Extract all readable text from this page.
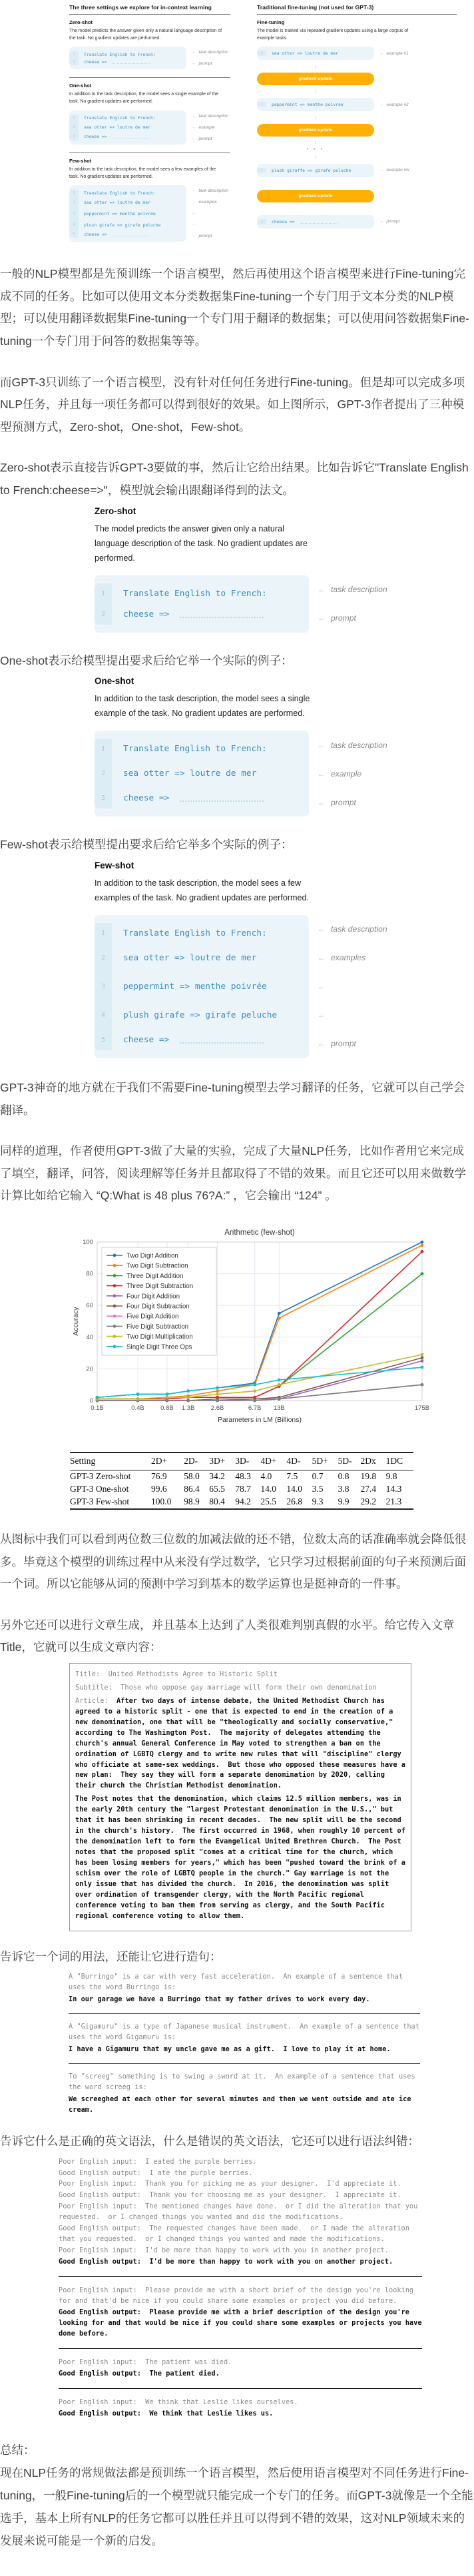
The three settings we explore for in-context learning
Zero-shot
The model predicts the answer given only a natural language description of the task. No gradient updates are performed.
1	Translate English to French:	← task description
2	cheese =>	← prompt
One-shot
In addition to the task description, the model sees a single example of the task. No gradient updates are performed.
1	Translate English to French:	← task description
2	sea otter => loutre de mer	← example
3	cheese =>	← prompt
Few-shot
In addition to the task description, the model sees a few examples of the task. No gradient updates are performed.
1	Translate English to French:	← task description
2	sea otter => loutre de mer	← examples
3	peppermint => menthe poivrée	←
4	plush girafe => girafe peluche	←
5	cheese =>	← prompt
Traditional fine-tuning (not used for GPT-3)
Fine-tuning
The model is trained via repeated gradient updates using a large corpus of example tasks.
1	sea otter => loutre de mer	← example #1
↓
gradient update
↓
1	peppermint => menthe poivrée	← example #2
↓
gradient update
↓
• • •
↓
1	plush giraffe => girafe peluche	← example #N
gradient update
1	cheese =>	← prompt

一般的NLP模型都是先预训练一个语言模型，然后再使用这个语言模型来进行Fine-tuning完成不同的任务。比如可以使用文本分类数据集Fine-tuning一个专门用于文本分类的NLP模型；可以使用翻译数据集Fine-tuning一个专门用于翻译的数据集；可以使用问答数据集Fine-tuning一个专门用于问答的数据集等等。

而GPT-3只训练了一个语言模型，没有针对任何任务进行Fine-tuning。但是却可以完成多项NLP任务，并且每一项任务都可以得到很好的效果。如上图所示，GPT-3作者提出了三种模型预测方式，Zero-shot，One-shot，Few-shot。

Zero-shot表示直接告诉GPT-3要做的事，然后让它给出结果。比如告诉它"Translate English to French:cheese=>"，模型就会输出跟翻译得到的法文。

Zero-shot
The model predicts the answer given only a natural language description of the task. No gradient updates are performed.
1	Translate English to French:	← task description
2	cheese =>	← prompt

One-shot表示给模型提出要求后给它举一个实际的例子：

One-shot
In addition to the task description, the model sees a single example of the task. No gradient updates are performed.
1	Translate English to French:	← task description
2	sea otter => loutre de mer	← example
3	cheese =>	← prompt

Few-shot表示给模型提出要求后给它举多个实际的例子：

Few-shot
In addition to the task description, the model sees a few examples of the task. No gradient updates are performed.
1	Translate English to French:	← task description
2	sea otter => loutre de mer	← examples
3	peppermint => menthe poivrée	←
4	plush girafe => girafe peluche	←
5	cheese =>	← prompt

GPT-3神奇的地方就在于我们不需要Fine-tuning模型去学习翻译的任务，它就可以自己学会翻译。

同样的道理，作者使用GPT-3做了大量的实验，完成了大量NLP任务，比如作者用它来完成了填空，翻译，问答，阅读理解等任务并且都取得了不错的效果。而且它还可以用来做数学计算比如给它输入 “Q:What is 48 plus 76?A:” ，它会输出 “124” 。

Arithmetic (few-shot)
0
20
40
60
80
100
0.1B	0.4B	0.8B 1.3B	2.6B	6.7B 13B	175B
Parameters in LM (Billions)
Accuracy
Two Digit Addition
Two Digit Subtraction
Three Digit Addition
Three Digit Subtraction
Four Digit Addition
Four Digit Subtraction
Five Digit Addition
Five Digit Subtraction
Two Digit Multiplication
Single Digit Three Ops
Setting	2D+	2D-	3D+	3D-	4D+	4D-	5D+	5D-	2Dx	1DC
GPT-3 Zero-shot	76.9	58.0	34.2	48.3	4.0	7.5	0.7	0.8	19.8	9.8
GPT-3 One-shot	99.6	86.4	65.5	78.7	14.0	14.0	3.5	3.8	27.4	14.3
GPT-3 Few-shot	100.0	98.9	80.4	94.2	25.5	26.8	9.3	9.9	29.2	21.3

从图标中我们可以看到两位数三位数的加减法做的还不错，位数太高的话准确率就会降低很多。毕竟这个模型的训练过程中从来没有学过数学，它只学习过根据前面的句子来预测后面一个词。所以它能够从词的预测中学习到基本的数学运算也是挺神奇的一件事。

另外它还可以进行文章生成，并且基本上达到了人类很难判别真假的水平。给它传入文章Title，它就可以生成文章内容：

Title:  United Methodists Agree to Historic Split

Subtitle:  Those who oppose gay marriage will form their own denomination

Article:  After two days of intense debate, the United Methodist Church has agreed to a historic split - one that is expected to end in the creation of a new denomination, one that will be "theologically and socially conservative," according to The Washington Post.  The majority of delegates attending the church's annual General Conference in May voted to strengthen a ban on the ordination of LGBTQ clergy and to write new rules that will "discipline" clergy who officiate at same-sex weddings.  But those who opposed these measures have a new plan:  They say they will form a separate denomination by 2020, calling their church the Christian Methodist denomination.

The Post notes that the denomination, which claims 12.5 million members, was in the early 20th century the "largest Protestant denomination in the U.S.," but that it has been shrinking in recent decades.  The new split will be the second in the church's history.  The first occurred in 1968, when roughly 10 percent of the denomination left to form the Evangelical United Brethren Church.  The Post notes that the proposed split "comes at a critical time for the church, which has been losing members for years," which has been "pushed toward the brink of a schism over the role of LGBTQ people in the church." Gay marriage is not the only issue that has divided the church.  In 2016, the denomination was split over ordination of transgender clergy, with the North Pacific regional conference voting to ban them from serving as clergy, and the South Pacific regional conference voting to allow them.

告诉它一个词的用法，还能让它进行造句：

A "Burringo" is a car with very fast acceleration.  An example of a sentence that uses the word Burringo is:

In our garage we have a Burringo that my father drives to work every day.

A "Gigamuru" is a type of Japanese musical instrument.  An example of a sentence that uses the word Gigamuru is:

I have a Gigamuru that my uncle gave me as a gift.  I love to play it at home.

To "screeg" something is to swing a sword at it.  An example of a sentence that uses the word screeg is:

We screeghed at each other for several minutes and then we went outside and ate ice cream.

告诉它什么是正确的英文语法，什么是错误的英文语法，它还可以进行语法纠错：

Poor English input:  I eated the purple berries.

Good English output:  I ate the purple berries.

Poor English input:  Thank you for picking me as your designer.  I'd appreciate it.

Good English output:  Thank you for choosing me as your designer.  I appreciate it.

Poor English input:  The mentioned changes have done.  or I did the alteration that you requested.  or I changed things you wanted and did the modifications.

Good English output:  The requested changes have been made.  or I made the alteration that you requested.  or I changed things you wanted and made the modifications.

Poor English input:  I'd be more than happy to work with you in another project.

Good English output:  I'd be more than happy to work with you on another project.

Poor English input:  Please provide me with a short brief of the design you're looking for and that'd be nice if you could share some examples or project you did before.

Good English output:  Please provide me with a brief description of the design you're looking for and that would be nice if you could share some examples or projects you have done before.

Poor English input:  The patient was died.

Good English output:  The patient died.

Poor English input:  We think that Leslie likes ourselves.

Good English output:  We think that Leslie likes us.

总结：
现在NLP任务的常规做法都是预训练一个语言模型，然后使用语言模型对不同任务进行Fine-tuning，一般Fine-tuning后的一个模型就只能完成一个专门的任务。而GPT-3就像是一个全能选手，基本上所有NLP的任务它都可以胜任并且可以得到不错的效果，这对NLP领域未来的发展来说可能是一个新的启发。
